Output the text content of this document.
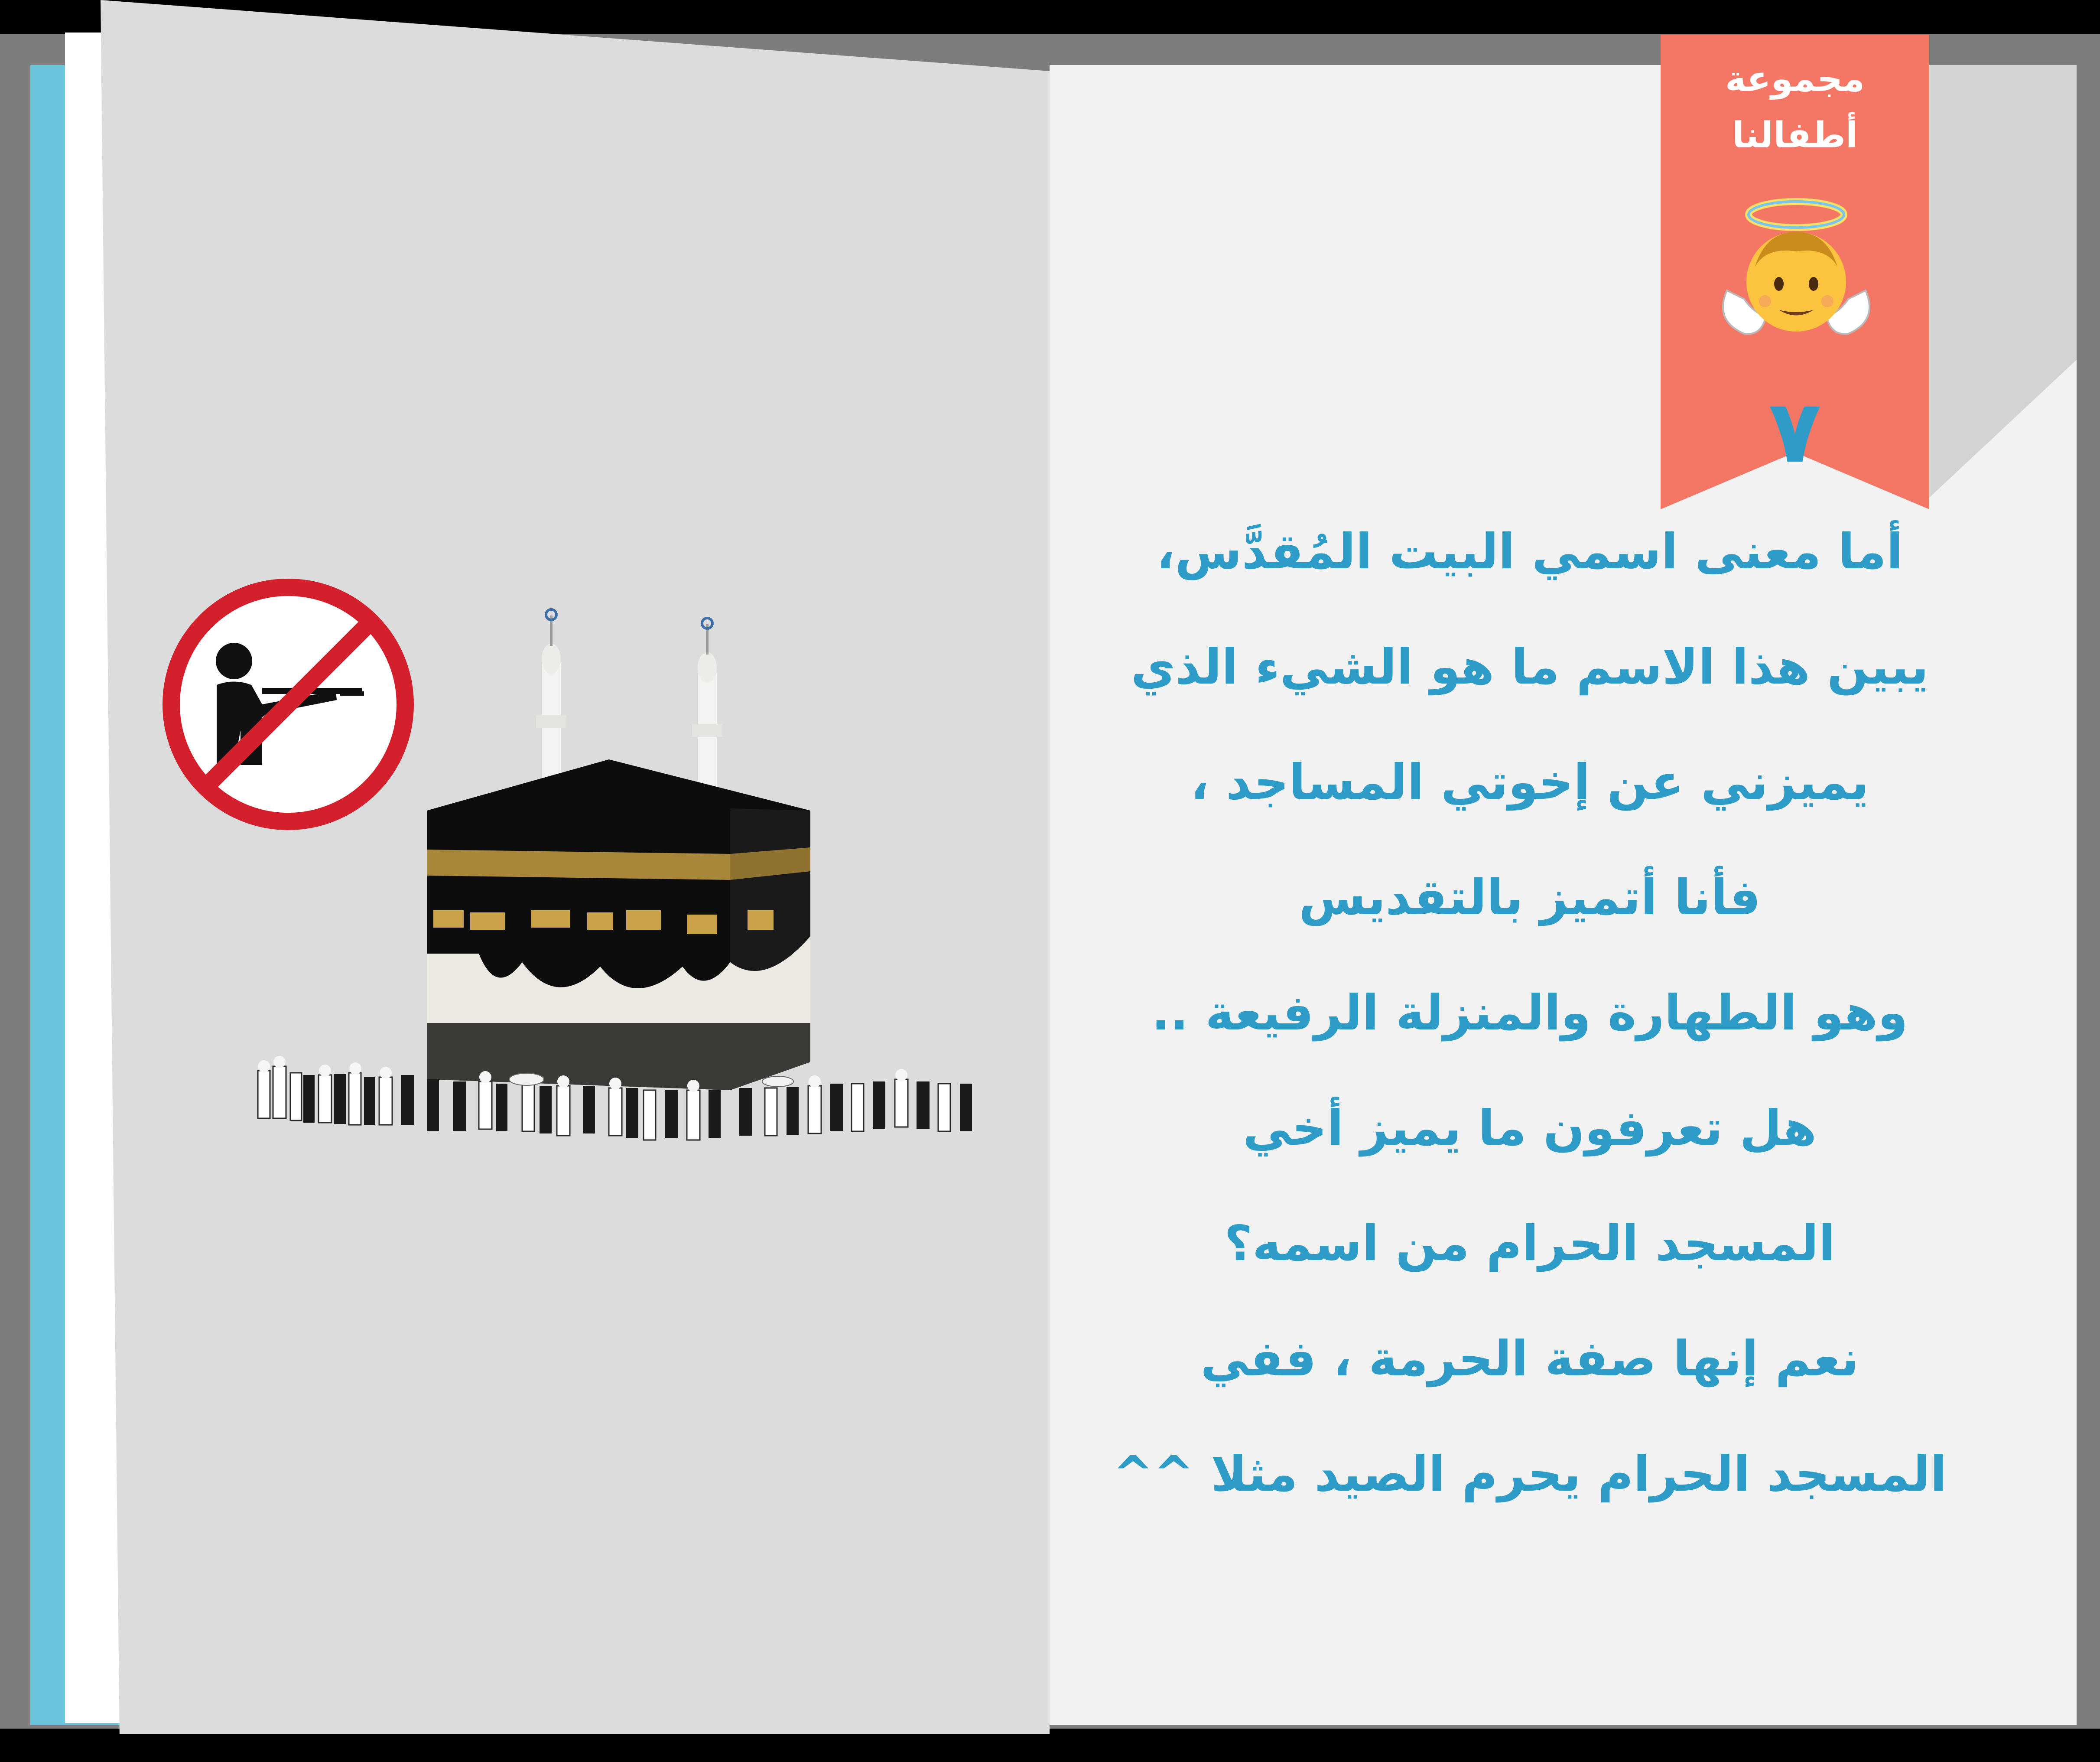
مجموعة
أطفالنا
٧
أما معنى اسمي البيت المُقدَّس،
يبين هذا الاسم ما هو الشيء الذي
يميزني عن إخوتي المساجد ،
فأنا أتميز بالتقديس
وهو الطهارة والمنزلة الرفيعة ..
هل تعرفون ما يميز أخي
المسجد الحرام من اسمه؟
نعم إنها صفة الحرمة ، ففي
المسجد الحرام يحرم الصيد مثلا ^^
